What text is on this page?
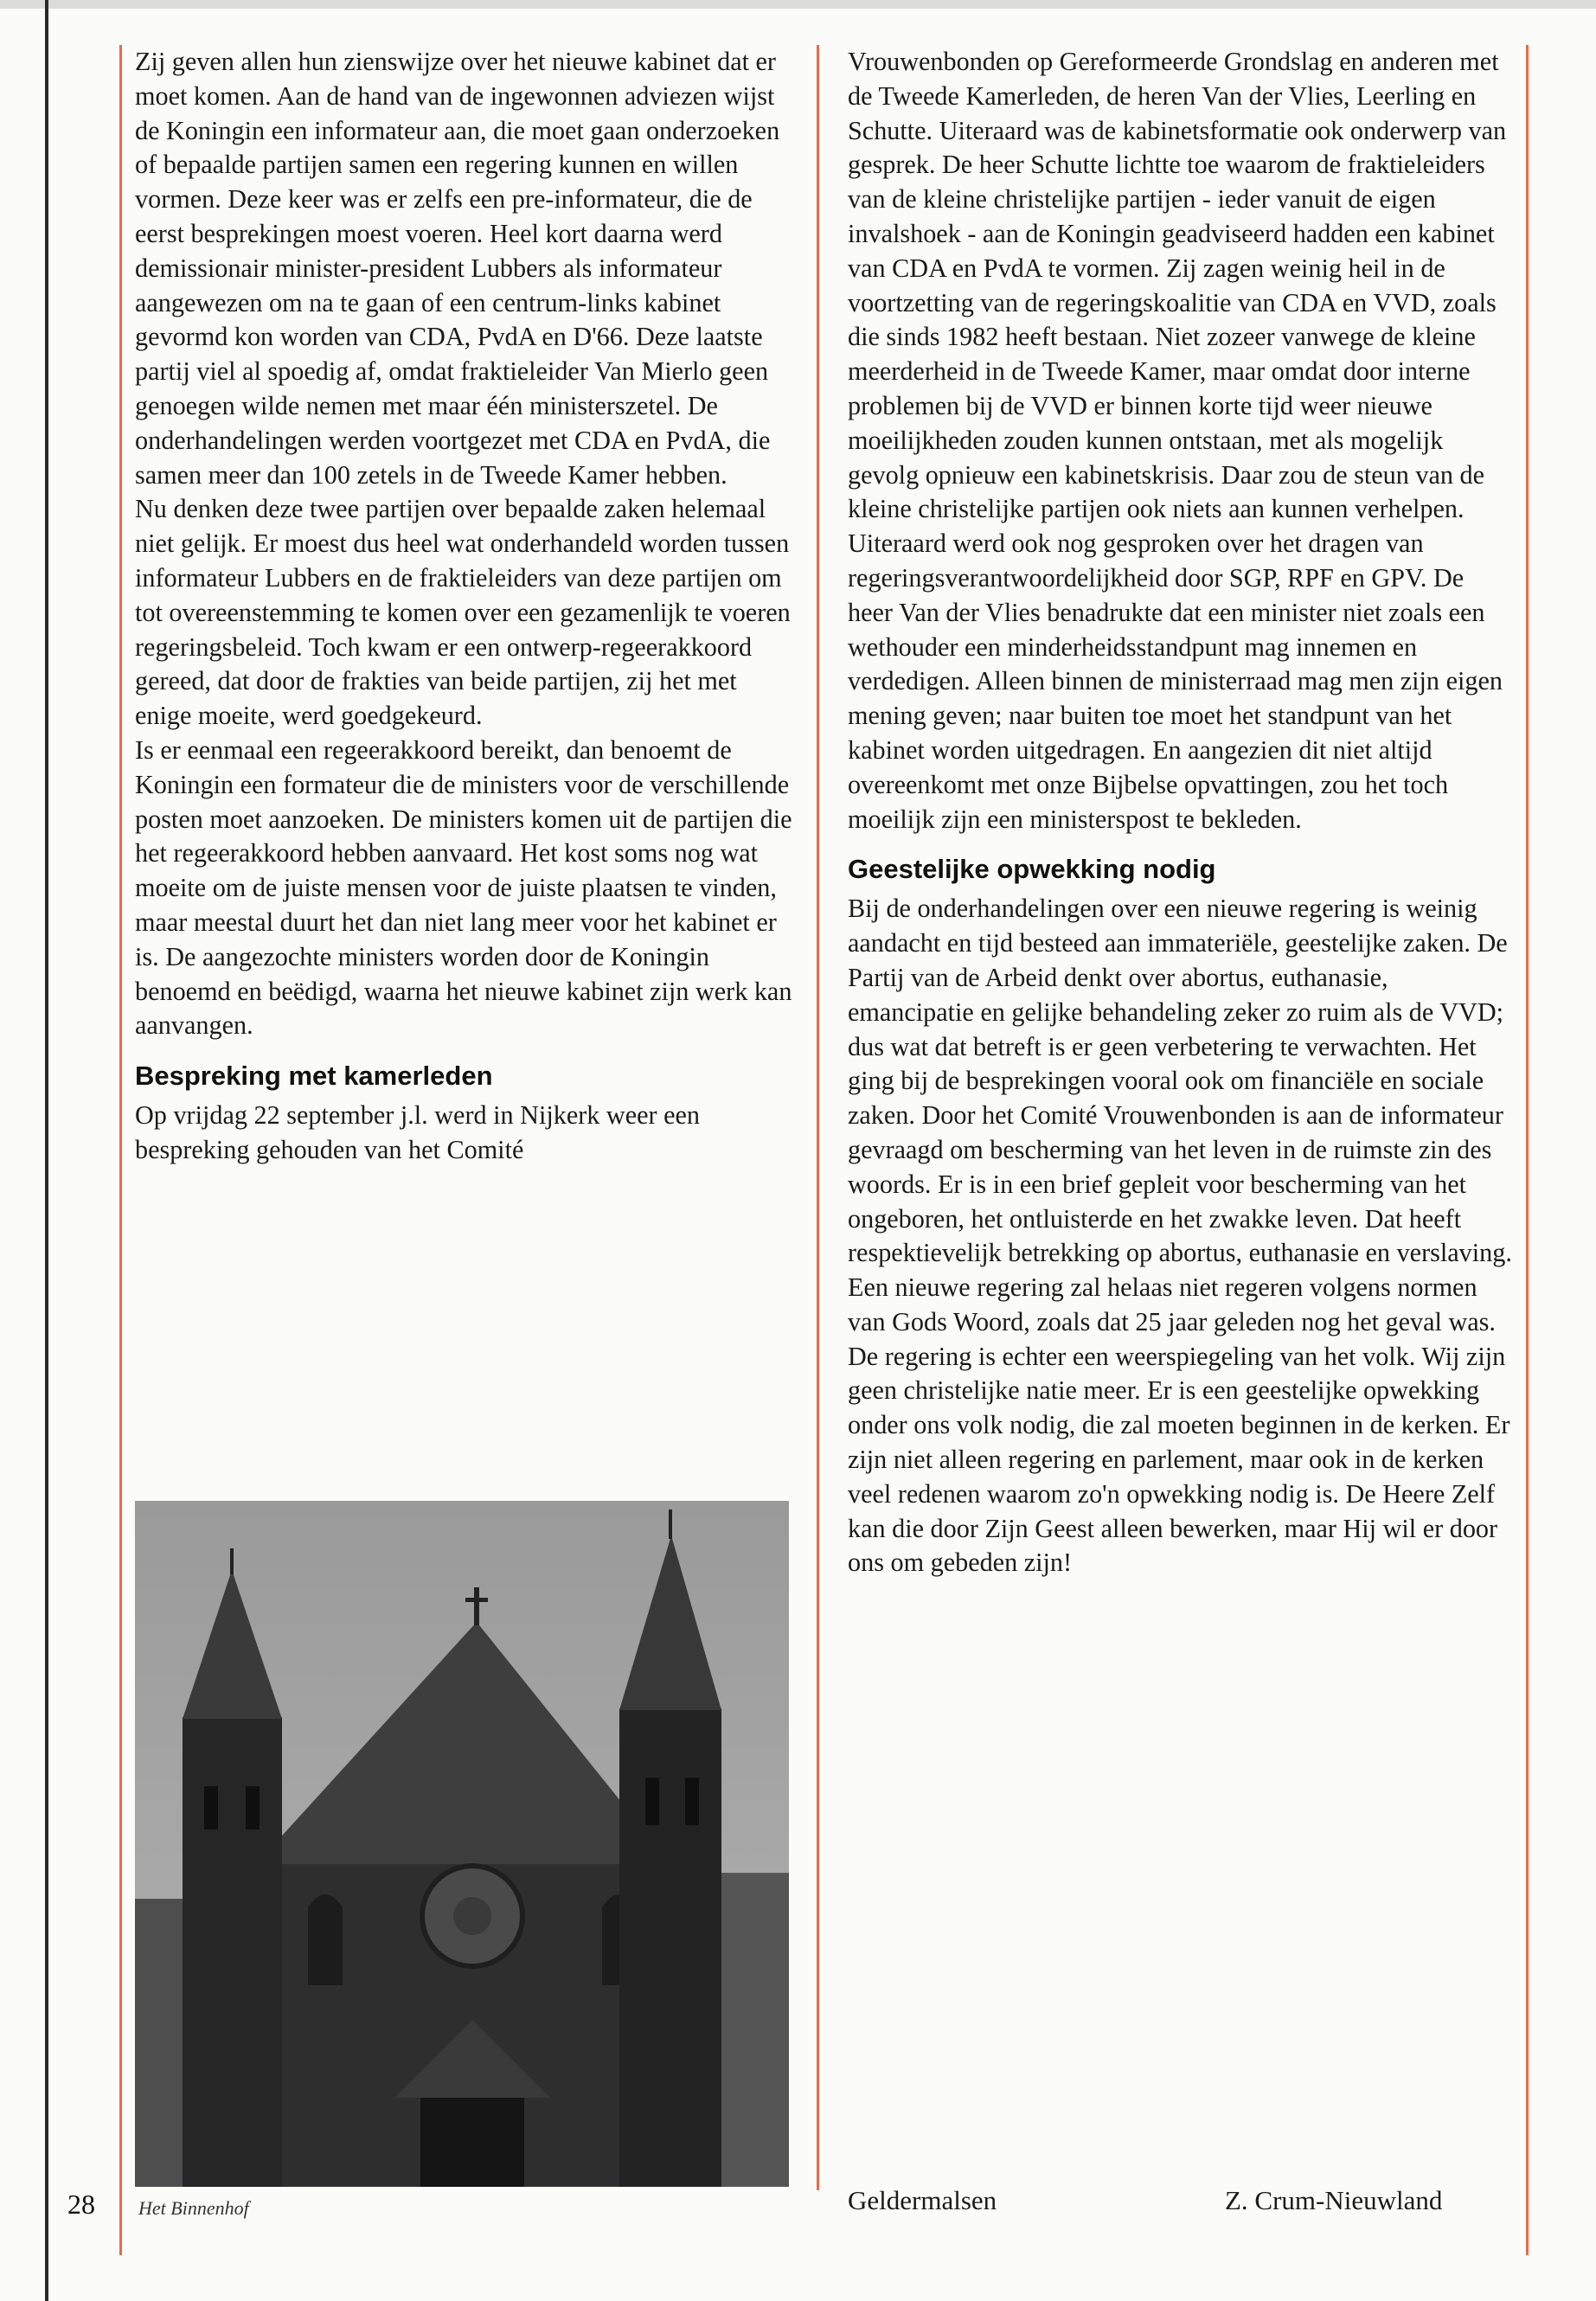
Zij geven allen hun zienswijze over het nieuwe kabinet dat er moet komen. Aan de hand van de ingewonnen adviezen wijst de Koningin een informateur aan, die moet gaan onderzoeken of bepaalde partijen samen een regering kunnen en willen vormen. Deze keer was er zelfs een pre-informateur, die de eerst besprekingen moest voeren. Heel kort daarna werd demissionair minister-president Lubbers als informateur aangewezen om na te gaan of een centrum-links kabinet gevormd kon worden van CDA, PvdA en D'66. Deze laatste partij viel al spoedig af, omdat fraktieleider Van Mierlo geen genoegen wilde nemen met maar één ministerszetel. De onderhandelingen werden voortgezet met CDA en PvdA, die samen meer dan 100 zetels in de Tweede Kamer hebben.

Nu denken deze twee partijen over bepaalde zaken helemaal niet gelijk. Er moest dus heel wat onderhandeld worden tussen informateur Lubbers en de fraktieleiders van deze partijen om tot overeenstemming te komen over een gezamenlijk te voeren regeringsbeleid. Toch kwam er een ontwerp-regeerakkoord gereed, dat door de frakties van beide partijen, zij het met enige moeite, werd goedgekeurd.

Is er eenmaal een regeerakkoord bereikt, dan benoemt de Koningin een formateur die de ministers voor de verschillende posten moet aanzoeken. De ministers komen uit de partijen die het regeerakkoord hebben aanvaard. Het kost soms nog wat moeite om de juiste mensen voor de juiste plaatsen te vinden, maar meestal duurt het dan niet lang meer voor het kabinet er is. De aangezochte ministers worden door de Koningin benoemd en beëdigd, waarna het nieuwe kabinet zijn werk kan aanvangen.

Bespreking met kamerleden

Op vrijdag 22 september j.l. werd in Nijkerk weer een bespreking gehouden van het Comité

Vrouwenbonden op Gereformeerde Grondslag en anderen met de Tweede Kamerleden, de heren Van der Vlies, Leerling en Schutte. Uiteraard was de kabinetsformatie ook onderwerp van gesprek. De heer Schutte lichtte toe waarom de fraktieleiders van de kleine christelijke partijen - ieder vanuit de eigen invalshoek - aan de Koningin geadviseerd hadden een kabinet van CDA en PvdA te vormen. Zij zagen weinig heil in de voortzetting van de regeringskoalitie van CDA en VVD, zoals die sinds 1982 heeft bestaan. Niet zozeer vanwege de kleine meerderheid in de Tweede Kamer, maar omdat door interne problemen bij de VVD er binnen korte tijd weer nieuwe moeilijkheden zouden kunnen ontstaan, met als mogelijk gevolg opnieuw een kabinetskrisis. Daar zou de steun van de kleine christelijke partijen ook niets aan kunnen verhelpen. Uiteraard werd ook nog gesproken over het dragen van regeringsverantwoordelijkheid door SGP, RPF en GPV. De heer Van der Vlies benadrukte dat een minister niet zoals een wethouder een minderheidsstandpunt mag innemen en verdedigen. Alleen binnen de ministerraad mag men zijn eigen mening geven; naar buiten toe moet het standpunt van het kabinet worden uitgedragen. En aangezien dit niet altijd overeenkomt met onze Bijbelse opvattingen, zou het toch moeilijk zijn een ministerspost te bekleden.

Geestelijke opwekking nodig

Bij de onderhandelingen over een nieuwe regering is weinig aandacht en tijd besteed aan immateriële, geestelijke zaken. De Partij van de Arbeid denkt over abortus, euthanasie, emancipatie en gelijke behandeling zeker zo ruim als de VVD; dus wat dat betreft is er geen verbetering te verwachten. Het ging bij de besprekingen vooral ook om financiële en sociale zaken. Door het Comité Vrouwenbonden is aan de informateur gevraagd om bescherming van het leven in de ruimste zin des woords. Er is in een brief gepleit voor bescherming van het ongeboren, het ontluisterde en het zwakke leven. Dat heeft respektievelijk betrekking op abortus, euthanasie en verslaving. Een nieuwe regering zal helaas niet regeren volgens normen van Gods Woord, zoals dat 25 jaar geleden nog het geval was. De regering is echter een weerspiegeling van het volk. Wij zijn geen christelijke natie meer. Er is een geestelijke opwekking onder ons volk nodig, die zal moeten beginnen in de kerken. Er zijn niet alleen regering en parlement, maar ook in de kerken veel redenen waarom zo'n opwekking nodig is. De Heere Zelf kan die door Zijn Geest alleen bewerken, maar Hij wil er door ons om gebeden zijn!

Het Binnenhof
28	Geldermalsen	Z. Crum-Nieuwland
